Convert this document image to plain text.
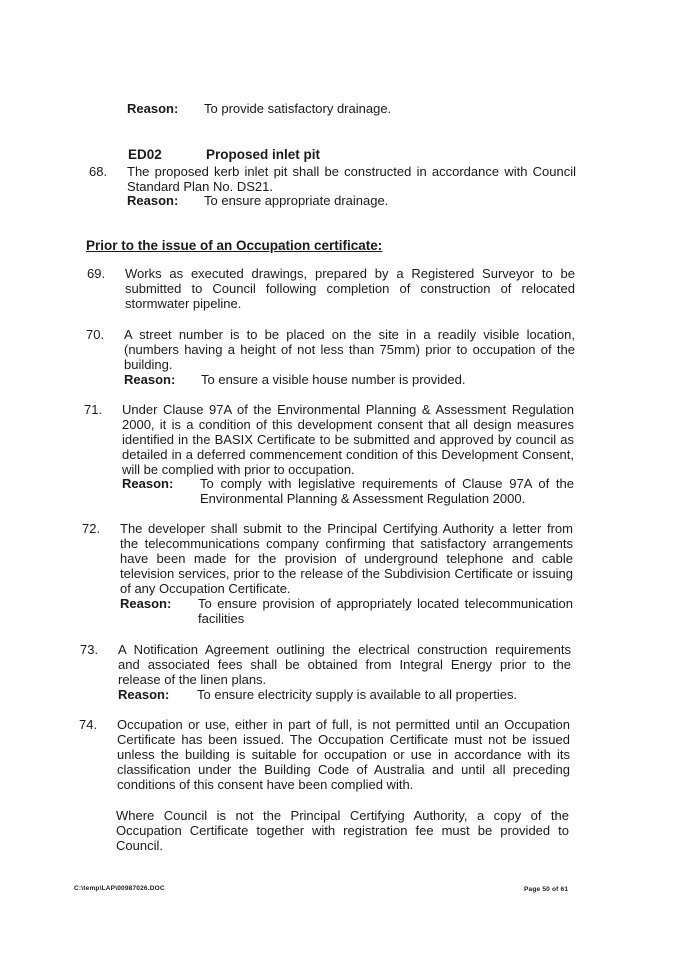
Reason: To provide satisfactory drainage.
ED02	Proposed inlet pit
68. The proposed kerb inlet pit shall be constructed in accordance with Council
Standard Plan No. DS21.
Reason: To ensure appropriate drainage.
Prior to the issue of an Occupation certificate:
69. Works as executed drawings, prepared by a Registered Surveyor to be
submitted to Council following completion of construction of relocated
stormwater pipeline.
70. A street number is to be placed on the site in a readily visible location,
(numbers having a height of not less than 75mm) prior to occupation of the
building.
Reason: To ensure a visible house number is provided.
71. Under Clause 97A of the Environmental Planning & Assessment Regulation
2000, it is a condition of this development consent that all design measures
identified in the BASIX Certificate to be submitted and approved by council as
detailed in a deferred commencement condition of this Development Consent,
will be complied with prior to occupation.
Reason: To comply with legislative requirements of Clause 97A of the
Environmental Planning & Assessment Regulation 2000.
72. The developer shall submit to the Principal Certifying Authority a letter from
the telecommunications company confirming that satisfactory arrangements
have been made for the provision of underground telephone and cable
television services, prior to the release of the Subdivision Certificate or issuing
of any Occupation Certificate.
Reason: To ensure provision of appropriately located telecommunication
facilities
73. A Notification Agreement outlining the electrical construction requirements
and associated fees shall be obtained from Integral Energy prior to the
release of the linen plans.
Reason: To ensure electricity supply is available to all properties.
74. Occupation or use, either in part of full, is not permitted until an Occupation
Certificate has been issued. The Occupation Certificate must not be issued
unless the building is suitable for occupation or use in accordance with its
classification under the Building Code of Australia and until all preceding
conditions of this consent have been complied with.
Where Council is not the Principal Certifying Authority, a copy of the
Occupation Certificate together with registration fee must be provided to
Council.
C:\temp\LAP\00987026.DOC	Page 50 of 61
